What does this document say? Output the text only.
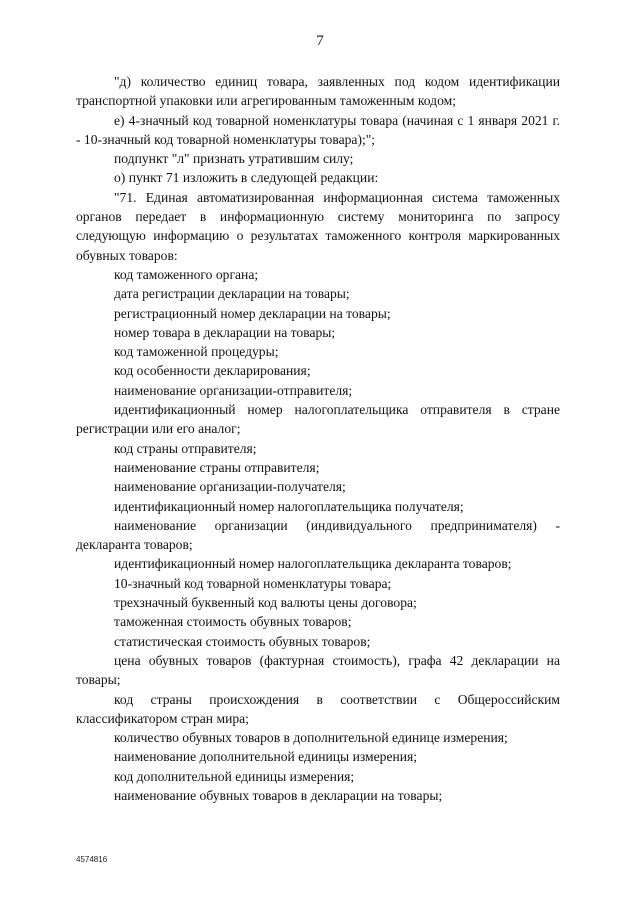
7

"д) количество единиц товара, заявленных под кодом идентификации транспортной упаковки или агрегированным таможенным кодом;

е) 4-значный код товарной номенклатуры товара (начиная с 1 января 2021 г. - 10-значный код товарной номенклатуры товара);";

подпункт "л" признать утратившим силу;

о) пункт 71 изложить в следующей редакции:

"71. Единая автоматизированная информационная система таможенных органов передает в информационную систему мониторинга по запросу следующую информацию о результатах таможенного контроля маркированных обувных товаров:

код таможенного органа;

дата регистрации декларации на товары;

регистрационный номер декларации на товары;

номер товара в декларации на товары;

код таможенной процедуры;

код особенности декларирования;

наименование организации-отправителя;

идентификационный номер налогоплательщика отправителя в стране регистрации или его аналог;

код страны отправителя;

наименование страны отправителя;

наименование организации-получателя;

идентификационный номер налогоплательщика получателя;

наименование организации (индивидуального предпринимателя) - декларанта товаров;

идентификационный номер налогоплательщика декларанта товаров;

10-значный код товарной номенклатуры товара;

трехзначный буквенный код валюты цены договора;

таможенная стоимость обувных товаров;

статистическая стоимость обувных товаров;

цена обувных товаров (фактурная стоимость), графа 42 декларации на товары;

код страны происхождения в соответствии с Общероссийским классификатором стран мира;

количество обувных товаров в дополнительной единице измерения;

наименование дополнительной единицы измерения;

код дополнительной единицы измерения;

наименование обувных товаров в декларации на товары;

4574816
